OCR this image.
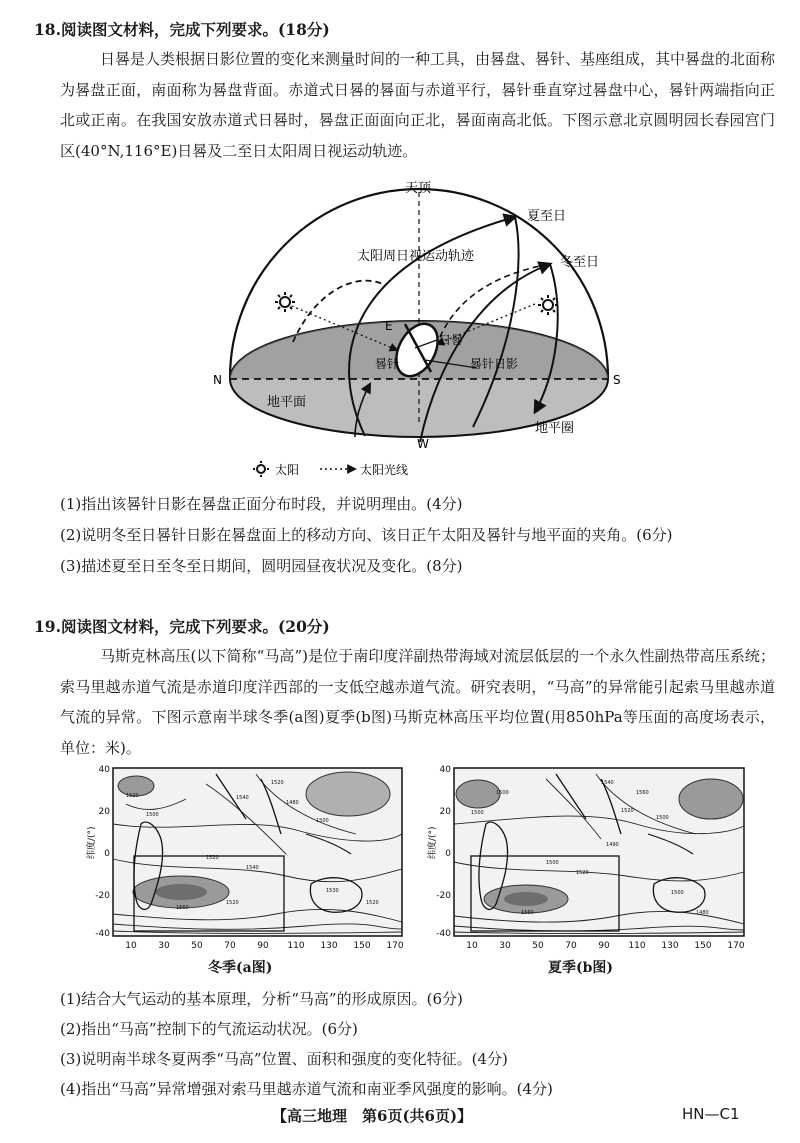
18.阅读图文材料，完成下列要求。(18分)
日晷是人类根据日影位置的变化来测量时间的一种工具，由晷盘、晷针、基座组成，其中晷盘的北面称为晷盘正面，南面称为晷盘背面。赤道式日晷的晷面与赤道平行，晷针垂直穿过晷盘中心，晷针两端指向正北或正南。在我国安放赤道式日晷时，晷盘正面面向正北，晷面南高北低。下图示意北京圆明园长春园宫门区(40°N,116°E)日晷及二至日太阳周日视运动轨迹。
天顶
夏至日
冬至日
太阳周日视运动轨迹
E
日晷
晷针	晷针日影
N	S
地平面
地平圈
W
太阳	太阳光线
(1)指出该晷针日影在晷盘正面分布时段，并说明理由。(4分)
(2)说明冬至日晷针日影在晷盘面上的移动方向、该日正午太阳及晷针与地平面的夹角。(6分)
(3)描述夏至日至冬至日期间，圆明园昼夜状况及变化。(8分)
19.阅读图文材料，完成下列要求。(20分)
马斯克林高压(以下简称“马高”)是位于南印度洋副热带海域对流层低层的一个永久性副热带高压系统；索马里越赤道气流是赤道印度洋西部的一支低空越赤道气流。研究表明，“马高”的异常能引起索马里越赤道气流的异常。下图示意南半球冬季(a图)夏季(b图)马斯克林高压平均位置(用850hPa等压面的高度场表示，单位：米)。
1520
1500
1540
1520
1480
1500
1520
1540
1560
1520
1530
1520
40
20
0
-20
-40
纬度/(°)
10 30 50 70 90 110 130 150 170
冬季(a图)
1500
1500
1540
1560
1520
1500
1490
1500
1520
1560
1500
1480
40
20
0
-20
-40
纬度/(°)
10 30 50 70 90 110 130 150 170
夏季(b图)
(1)结合大气运动的基本原理，分析“马高”的形成原因。(6分)
(2)指出“马高”控制下的气流运动状况。(6分)
(3)说明南半球冬夏两季“马高”位置、面积和强度的变化特征。(4分)
(4)指出“马高”异常增强对索马里越赤道气流和南亚季风强度的影响。(4分)
【高三地理　第6页(共6页)】	HN—C1
